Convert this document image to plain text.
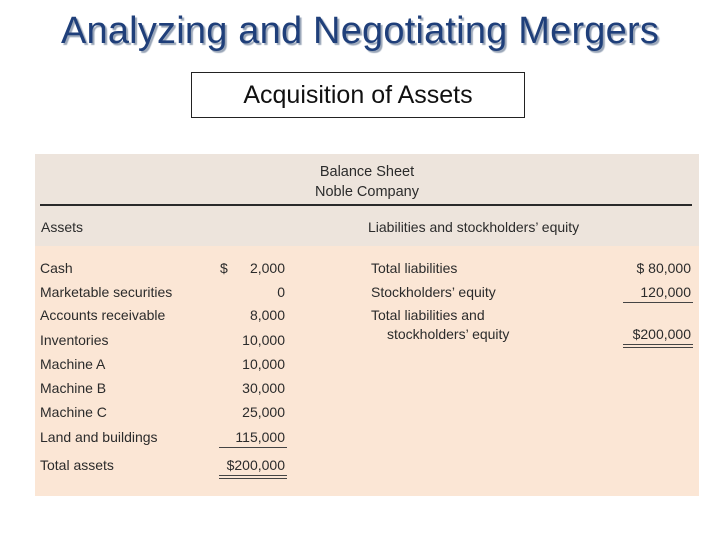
Analyzing and Negotiating Mergers
Acquisition of Assets
Balance Sheet
Noble Company
Assets	Liabilities and stockholders’ equity
Cash	$	2,000
Marketable securities	0
Accounts receivable	8,000
Inventories	10,000
Machine A	10,000
Machine B	30,000
Machine C	25,000
Land and buildings	115,000
Total assets	$200,000
Total liabilities	$ 80,000
Stockholders’ equity	120,000
Total liabilities and
stockholders’ equity	$200,000
